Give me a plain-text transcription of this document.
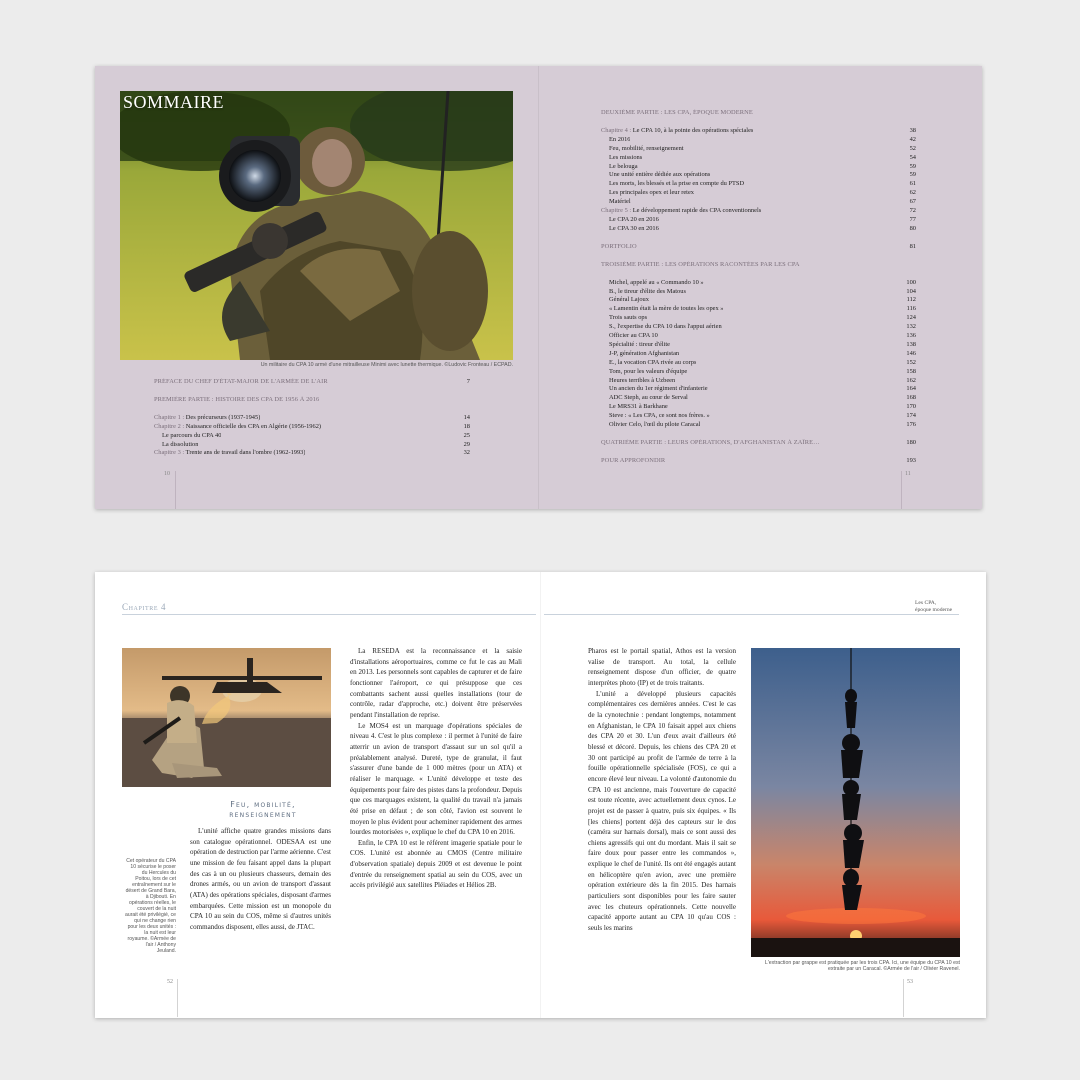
SOMMAIRE
Un militaire du CPA 10 armé d'une mitrailleuse Minimi avec lunette thermique. ©Ludovic Fronteau / ECPAD.
PRÉFACE DU CHEF D'ÉTAT-MAJOR DE L'ARMÉE DE L'AIR	7
PREMIÈRE PARTIE : HISTOIRE DES CPA DE 1956 À 2016
Chapitre 1 : Des précurseurs (1937-1945)	14
Chapitre 2 : Naissance officielle des CPA en Algérie (1956-1962)	18
Le parcours du CPA 40	25
La dissolution	29
Chapitre 3 : Trente ans de travail dans l'ombre (1962-1993)	32
DEUXIÈME PARTIE : LES CPA, ÉPOQUE MODERNE
Chapitre 4 : Le CPA 10, à la pointe des opérations spéciales	38
En 2016	42
Feu, mobilité, renseignement	52
Les missions	54
Le belouga	59
Une unité entière dédiée aux opérations	59
Les morts, les blessés et la prise en compte du PTSD	61
Les principales opex et leur retex	62
Matériel	67
Chapitre 5 : Le développement rapide des CPA conventionnels	72
Le CPA 20 en 2016	77
Le CPA 30 en 2016	80
PORTFOLIO	81
TROISIÈME PARTIE : LES OPÉRATIONS RACONTÉES PAR LES CPA
Michel, appelé au « Commando 10 »	100
B., le tireur d'élite des Matous	104
Général Lajoux	112
« Lamentin était la mère de toutes les opex »	116
Trois sauts ops	124
S., l'expertise du CPA 10 dans l'appui aérien	132
Officier au CPA 10	136
Spécialité : tireur d'élite	138
J-P, génération Afghanistan	146
E., la vocation CPA rivée au corps	152
Tom, pour les valeurs d'équipe	158
Heures terribles à Uzbeen	162
Un ancien du 1er régiment d'infanterie	164
ADC Steph, au cœur de Serval	168
Le MRS31 à Barkhane	170
Steve : « Les CPA, ce sont nos frères. »	174
Olivier Celo, l'œil du pilote Caracal	176
QUATRIÈME PARTIE : LEURS OPÉRATIONS, D'AFGHANISTAN À ZAÏRE…	180
POUR APPROFONDIR	193
10	11
Chapitre 4	Les CPA,
époque moderne
Feu, mobilité,
renseignement
Cet opérateur du CPA 10 sécurise le poser du Hercules du Poitou, lors de cet entraînement sur le désert de Grand Bara, à Djibouti. En opérations réelles, le couvert de la nuit aurait été privilégié, ce qui ne change rien pour les deux unités : la nuit est leur royaume. ©Armée de l'air / Anthony Jeuland.

L'unité affiche quatre grandes missions dans son catalogue opérationnel. ODESAA est une opération de destruction par l'arme aérienne. C'est une mission de feu faisant appel dans la plupart des cas à un ou plusieurs chasseurs, demain des drones armés, ou un avion de transport d'assaut (ATA) des opérations spéciales, disposant d'armes embarquées. Cette mission est un monopole du CPA 10 au sein du COS, même si d'autres unités commandos disposent, elles aussi, de JTAC.

La RESEDA est la reconnaissance et la saisie d'installations aéroportuaires, comme ce fut le cas au Mali en 2013. Les personnels sont capables de capturer et de faire fonctionner l'aéroport, ce qui présuppose que ces combattants sachent aussi quelles installations (tour de contrôle, radar d'approche, etc.) doivent être préservées pendant l'installation de reprise.

Le MOS4 est un marquage d'opérations spéciales de niveau 4. C'est le plus complexe : il permet à l'unité de faire atterrir un avion de transport d'assaut sur un sol qu'il a préalablement analysé. Dureté, type de granulat, il faut s'assurer d'une bande de 1 000 mètres (pour un ATA) et réaliser le marquage. « L'unité développe et teste des équipements pour faire des pistes dans la profondeur. Depuis que ces marquages existent, la qualité du travail n'a jamais été prise en défaut ; de son côté, l'avion est souvent le moyen le plus évident pour acheminer rapidement des armes lourdes motorisées », explique le chef du CPA 10 en 2016.

Enfin, le CPA 10 est le référent imagerie spatiale pour le COS. L'unité est abonnée au CMOS (Centre militaire d'observation spatiale) depuis 2009 et est devenue le point d'entrée du renseignement spatial au sein du COS, avec un accès privilégié aux satellites Pléiades et Hélios 2B.

Pharos est le portail spatial, Athos est la version valise de transport. Au total, la cellule renseignement dispose d'un officier, de quatre interprètes photo (IP) et de trois traitants.

L'unité a développé plusieurs capacités complémentaires ces dernières années. C'est le cas de la cynotechnie : pendant longtemps, notamment en Afghanistan, le CPA 10 faisait appel aux chiens des CPA 20 et 30. L'un d'eux avait d'ailleurs été blessé et décoré. Depuis, les chiens des CPA 20 et 30 ont participé au profit de l'armée de terre à la fouille opérationnelle spécialisée (FOS), ce qui a encore élevé leur niveau. La volonté d'autonomie du CPA 10 est ancienne, mais l'ouverture de capacité est toute récente, avec actuellement deux cynos. Le projet est de passer à quatre, puis six équipes. « Ils [les chiens] portent déjà des capteurs sur le dos (caméra sur harnais dorsal), mais ce sont aussi des chiens agressifs qui ont du mordant. Mais il sait se faire doux pour passer entre les commandos », explique le chef de l'unité. Ils ont été engagés autant en hélicoptère qu'en avion, avec une première opération extérieure dès la fin 2015. Des harnais particuliers sont disponibles pour les faire sauter avec les chuteurs opérationnels. Cette nouvelle capacité apporte autant au CPA 10 qu'au COS : seuls les marins

L'extraction par grappe est pratiquée par les trois CPA. Ici, une équipe du CPA 10 est extraite par un Caracal. ©Armée de l'air / Olivier Ravenel.
52	53
